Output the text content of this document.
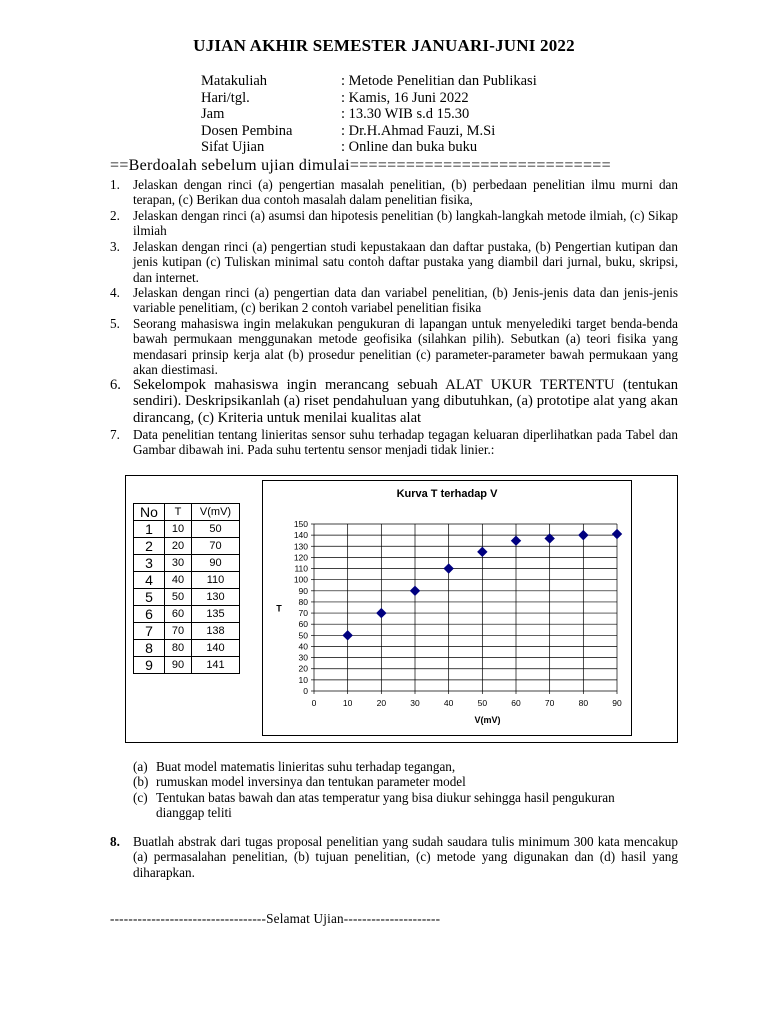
UJIAN AKHIR SEMESTER JANUARI-JUNI 2022
Matakuliah	: Metode Penelitian dan Publikasi
Hari/tgl.	: Kamis, 16 Juni 2022
Jam	: 13.30 WIB s.d 15.30
Dosen Pembina	: Dr.H.Ahmad Fauzi, M.Si
Sifat Ujian	: Online dan buka buku
==Berdoalah sebelum ujian dimulai============================
1. Jelaskan dengan rinci (a) pengertian masalah penelitian, (b) perbedaan penelitian ilmu murni dan terapan, (c) Berikan dua contoh masalah dalam penelitian fisika,
2. Jelaskan dengan rinci (a) asumsi dan hipotesis penelitian (b) langkah-langkah metode ilmiah, (c) Sikap ilmiah
3. Jelaskan dengan rinci (a) pengertian studi kepustakaan dan daftar pustaka, (b) Pengertian kutipan dan jenis kutipan (c) Tuliskan minimal satu contoh daftar pustaka yang diambil dari jurnal, buku, skripsi, dan internet.
4. Jelaskan dengan rinci (a) pengertian data dan variabel penelitian, (b) Jenis-jenis data dan jenis-jenis variable penelitiam, (c) berikan 2 contoh variabel penelitian fisika
5. Seorang mahasiswa ingin melakukan pengukuran di lapangan untuk menyelediki target benda-benda bawah permukaan menggunakan metode geofisika (silahkan pilih). Sebutkan (a) teori fisika yang mendasari prinsip kerja alat (b) prosedur penelitian (c) parameter-parameter bawah permukaan yang akan diestimasi.
6. Sekelompok mahasiswa ingin merancang sebuah ALAT UKUR TERTENTU (tentukan sendiri). Deskripsikanlah (a) riset pendahuluan yang dibutuhkan, (a) prototipe alat yang akan dirancang, (c) Kriteria untuk menilai kualitas alat
7. Data penelitian tentang linieritas sensor suhu terhadap tegagan keluaran diperlihatkan pada Tabel dan Gambar dibawah ini. Pada suhu tertentu sensor menjadi tidak linier.:
No	T	V(mV)
1	10	50
2	20	70
3	30	90
4	40	110
5	50	130
6	60	135
7	70	138
8	80	140
9	90	141
Kurva T terhadap V
0
10
20
30
40
50
60
70
80
90
100
110
120
130
140
150
0	10	20	30	40	50	60	70	80	90
V(mV)
T
(a) Buat model matematis linieritas suhu terhadap tegangan,
(b) rumuskan model inversinya dan tentukan parameter model
(c) Tentukan batas bawah dan atas temperatur yang bisa diukur sehingga hasil pengukuran dianggap teliti
8. Buatlah abstrak dari tugas proposal penelitian yang sudah saudara tulis minimum 300 kata mencakup (a) permasalahan penelitian, (b) tujuan penelitian, (c) metode yang digunakan dan (d) hasil yang diharapkan.
----------------------------------Selamat Ujian---------------------
